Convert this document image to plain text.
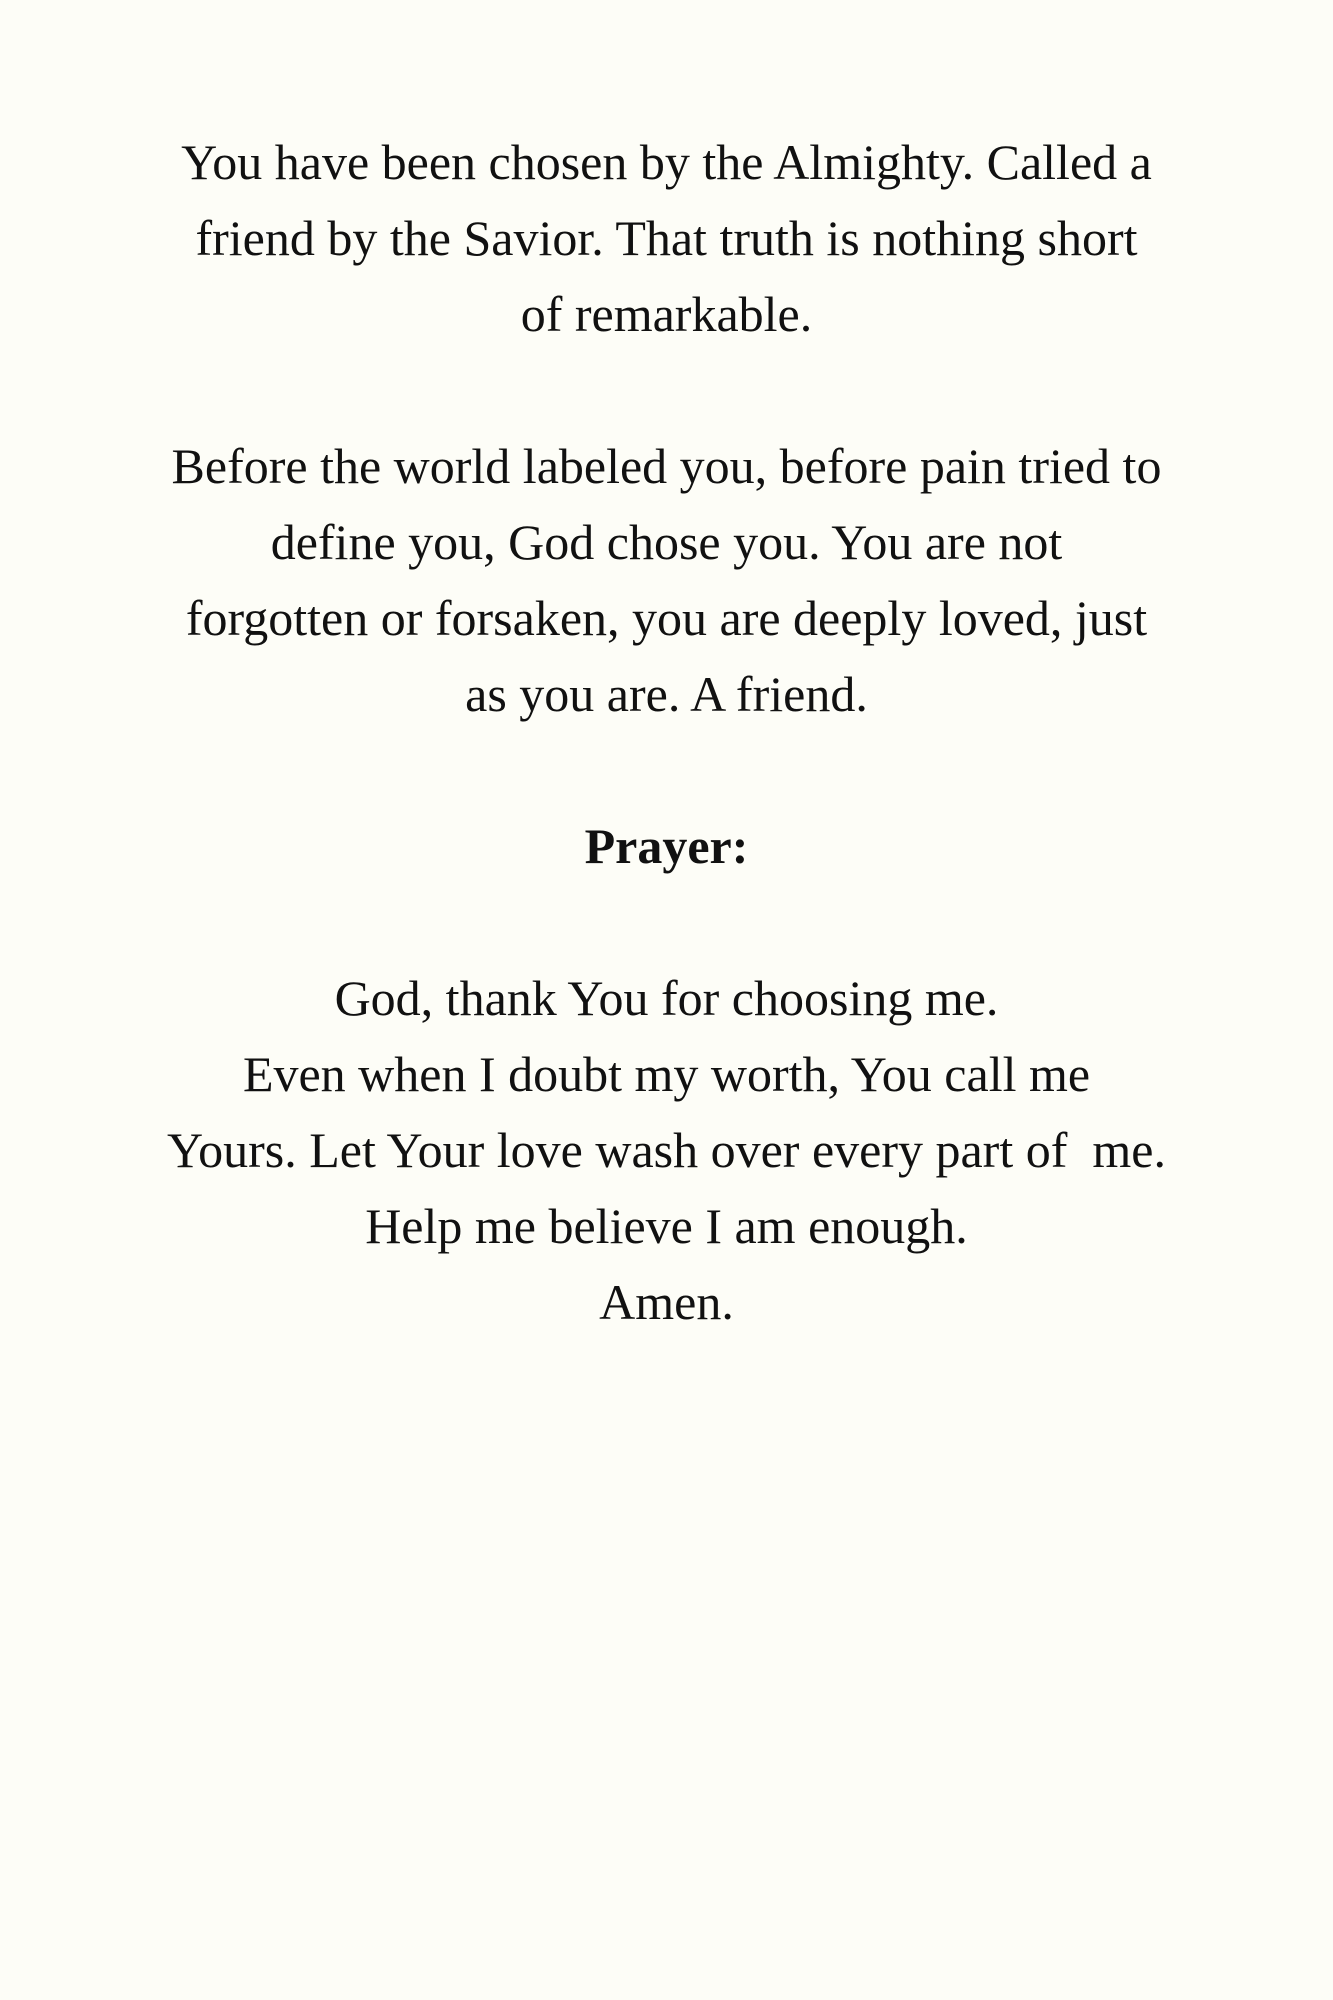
You have been chosen by the Almighty. Called a
friend by the Savior. That truth is nothing short
of remarkable.

Before the world labeled you, before pain tried to
define you, God chose you. You are not
forgotten or forsaken, you are deeply loved, just
as you are. A friend.

Prayer:

God, thank You for choosing me.
Even when I doubt my worth, You call me
Yours. Let Your love wash over every part of  me.
Help me believe I am enough.
Amen.
